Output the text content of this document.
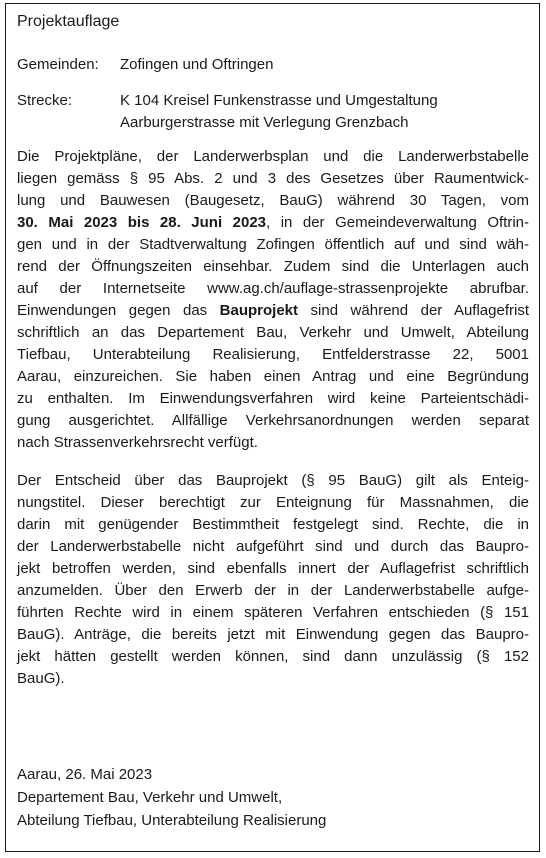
Projektauflage
Gemeinden: Zofingen und Oftringen
Strecke:	K 104 Kreisel Funkenstrasse und Umgestaltung
Aarburgerstrasse mit Verlegung Grenzbach
Die Projektpläne, der Landerwerbsplan und die Landerwerbstabelle
liegen gemäss § 95 Abs. 2 und 3 des Gesetzes über Raumentwick-
lung und Bauwesen (Baugesetz, BauG) während 30 Tagen, vom
30. Mai 2023 bis 28. Juni 2023, in der Gemeindeverwaltung Oftrin-
gen und in der Stadtverwaltung Zofingen öffentlich auf und sind wäh-
rend der Öffnungszeiten einsehbar. Zudem sind die Unterlagen auch
auf der Internetseite www.ag.ch/auflage-strassenprojekte abrufbar.
Einwendungen gegen das Bauprojekt sind während der Auflagefrist
schriftlich an das Departement Bau, Verkehr und Umwelt, Abteilung
Tiefbau, Unterabteilung Realisierung, Entfelderstrasse 22, 5001
Aarau, einzureichen. Sie haben einen Antrag und eine Begründung
zu enthalten. Im Einwendungsverfahren wird keine Parteientschädi-
gung ausgerichtet. Allfällige Verkehrsanordnungen werden separat
nach Strassenverkehrsrecht verfügt.
Der Entscheid über das Bauprojekt (§ 95 BauG) gilt als Enteig-
nungstitel. Dieser berechtigt zur Enteignung für Massnahmen, die
darin mit genügender Bestimmtheit festgelegt sind. Rechte, die in
der Landerwerbstabelle nicht aufgeführt sind und durch das Baupro-
jekt betroffen werden, sind ebenfalls innert der Auflagefrist schriftlich
anzumelden. Über den Erwerb der in der Landerwerbstabelle aufge-
führten Rechte wird in einem späteren Verfahren entschieden (§ 151
BauG). Anträge, die bereits jetzt mit Einwendung gegen das Baupro-
jekt hätten gestellt werden können, sind dann unzulässig (§ 152
BauG).
Aarau, 26. Mai 2023
Departement Bau, Verkehr und Umwelt,
Abteilung Tiefbau, Unterabteilung Realisierung
